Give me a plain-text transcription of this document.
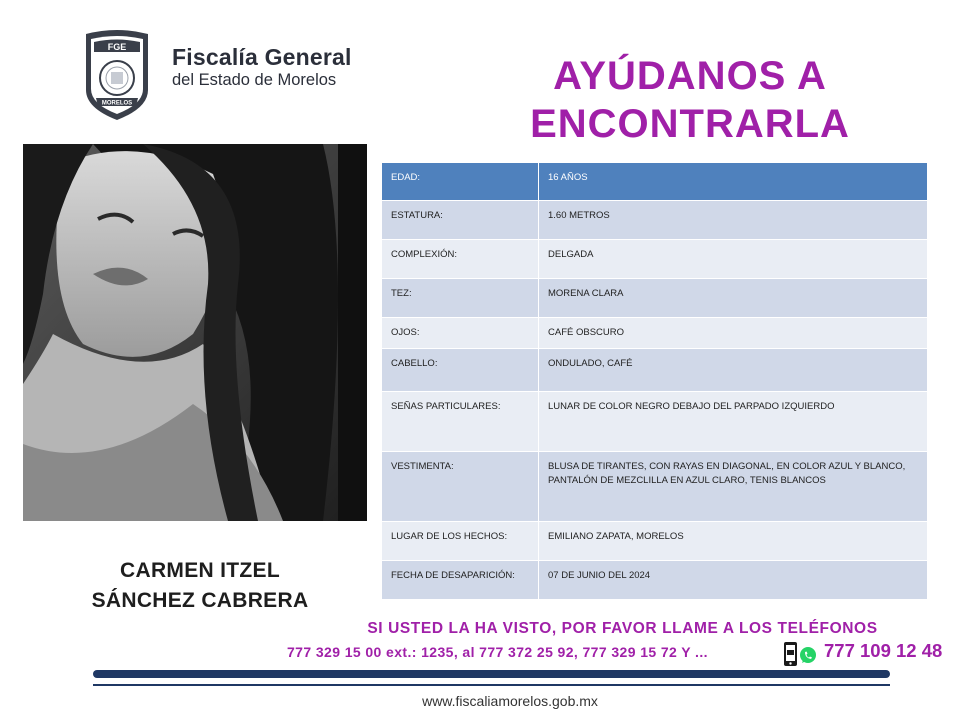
FGE
MORELOS
Fiscalía General
del Estado de Morelos	AYÚDANOS A
ENCONTRARLA
CARMEN ITZEL
SÁNCHEZ CABRERA
EDAD:	16 AÑOS
ESTATURA:	1.60 METROS
COMPLEXIÓN:	DELGADA
TEZ:	MORENA CLARA
OJOS:	CAFÉ OBSCURO
CABELLO:	ONDULADO, CAFÉ
SEÑAS PARTICULARES:	LUNAR DE COLOR NEGRO DEBAJO DEL PARPADO IZQUIERDO
VESTIMENTA:	BLUSA DE TIRANTES, CON RAYAS EN DIAGONAL, EN COLOR AZUL Y BLANCO, PANTALÓN DE MEZCLILLA EN AZUL CLARO, TENIS BLANCOS
LUGAR DE LOS HECHOS:	EMILIANO ZAPATA, MORELOS
FECHA DE DESAPARICIÓN:	07 DE JUNIO DEL 2024
SI USTED LA HA VISTO, POR FAVOR LLAME A LOS TELÉFONOS
777 329 15 00 ext.: 1235, al 777 372 25 92, 777 329 15 72 Y ...	777 109 12 48
www.fiscaliamorelos.gob.mx
